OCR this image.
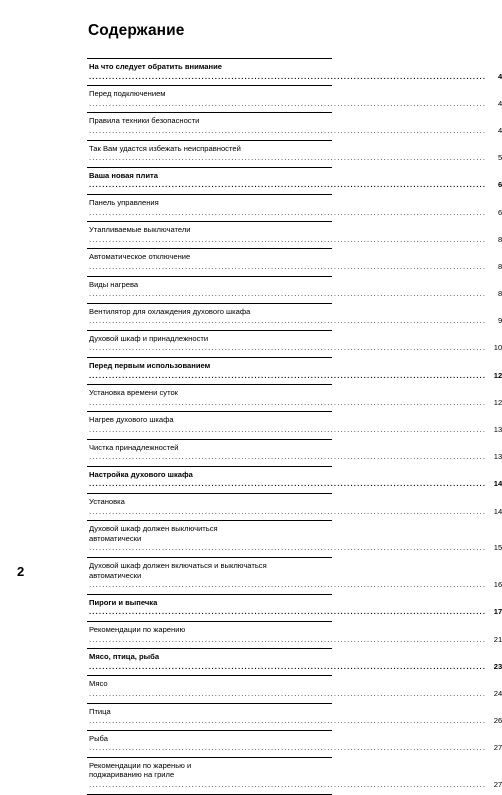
Содержание
На что следует обратить внимание ........................................................................................................................	4
Перед подключением ........................................................................................................................	4
Правила техники безопасности ........................................................................................................................	4
Так Вам удастся избежать неисправностей ........................................................................................................................	5
Ваша новая плита ........................................................................................................................	6
Панель управления ........................................................................................................................	6
Утапливаемые выключатели ........................................................................................................................	8
Автоматическое отключение ........................................................................................................................	8
Виды нагрева ........................................................................................................................	8
Вентилятор для охлаждения духового шкафа ........................................................................................................................	9
Духовой шкаф и принадлежности ........................................................................................................................ 10
Перед первым использованием ........................................................................................................................ 12
Установка времени суток ........................................................................................................................ 12
Нагрев духового шкафа ........................................................................................................................ 13
Чистка принадлежностей ........................................................................................................................ 13
Настройка духового шкафа ........................................................................................................................ 14
Установка ........................................................................................................................ 14
Духовой шкаф должен выключиться
автоматически ........................................................................................................................ 15
Духовой шкаф должен включаться и выключаться
автоматически ........................................................................................................................ 16
Пироги и выпечка ........................................................................................................................ 17
Рекомендации по жарению ........................................................................................................................ 21
Мясо, птица, рыба ........................................................................................................................ 23
Мясо ........................................................................................................................ 24
Птица ........................................................................................................................ 26
Рыба ........................................................................................................................ 27
Рекомендации по жаренью и
поджариванию на гриле ........................................................................................................................ 27
2
